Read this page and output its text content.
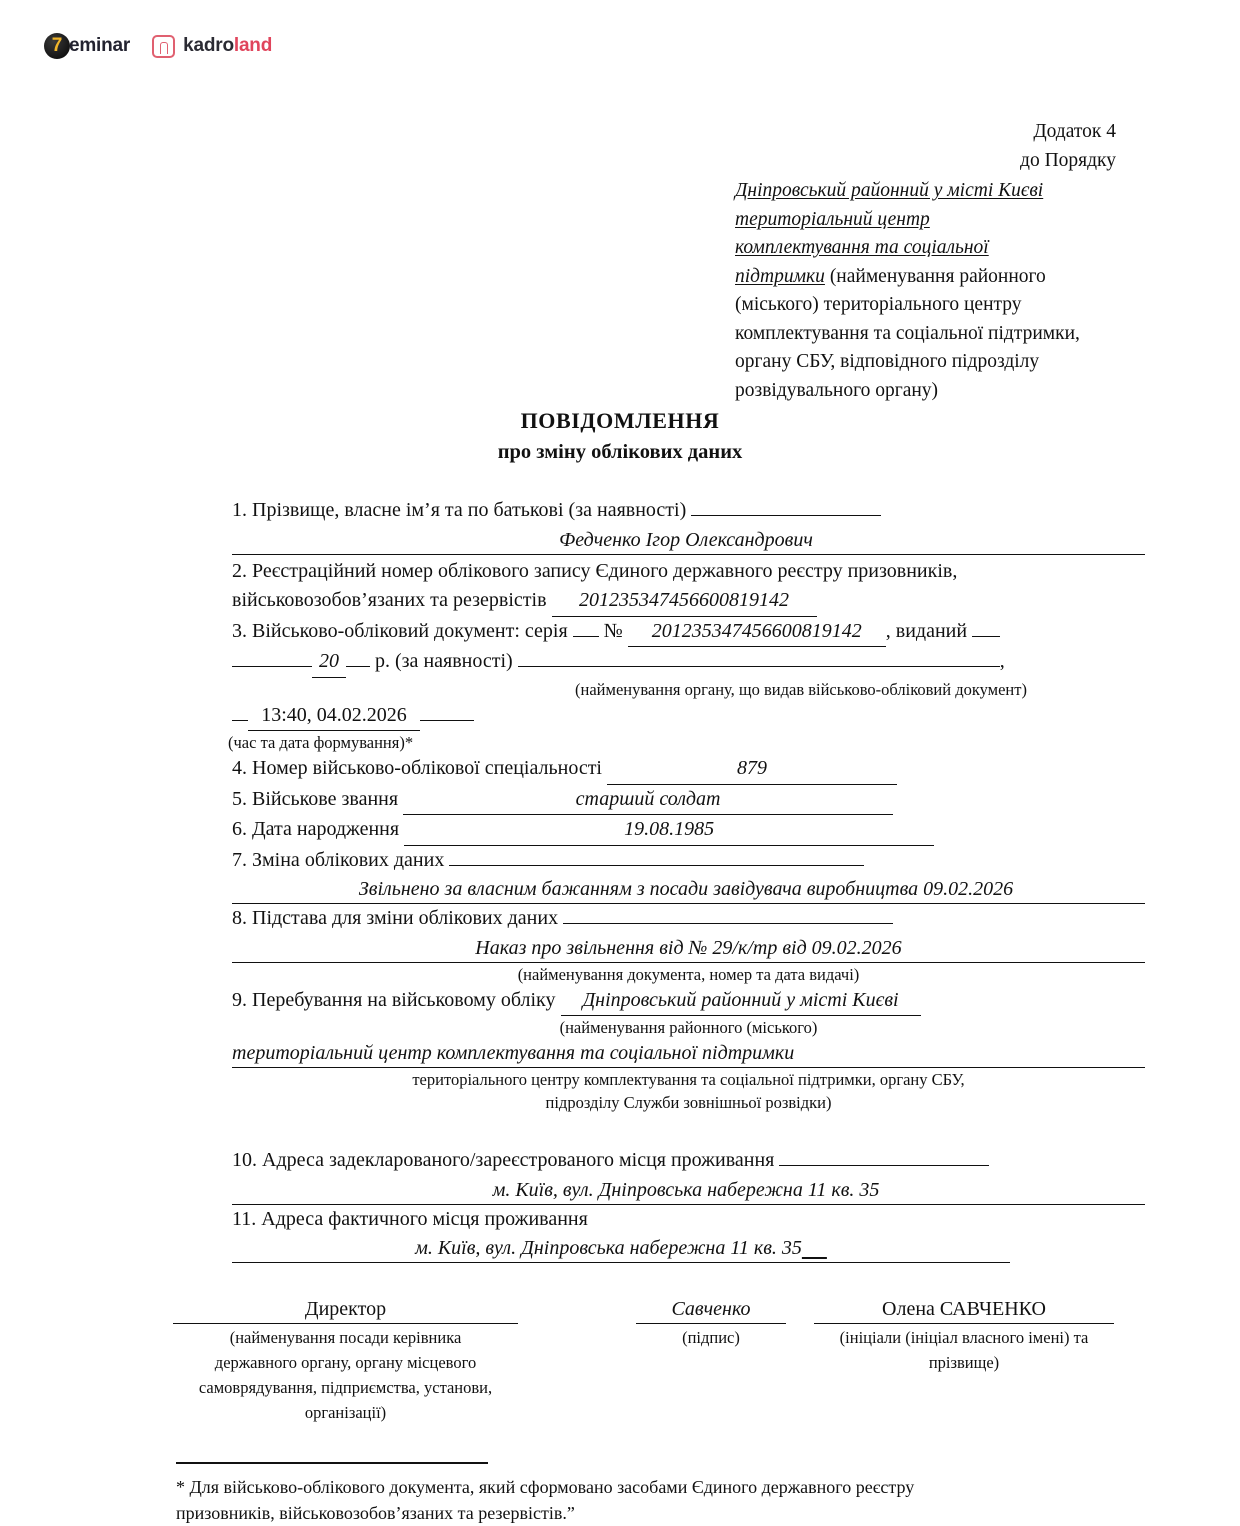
7 eminar	kadroland
Додаток 4
до Порядку
Дніпровський районний у місті Києві
територіальний центр
комплектування та соціальної
підтримки (найменування районного
(міського) територіального центру
комплектування та соціальної підтримки,
органу СБУ, відповідного підрозділу
розвідувального органу)
ПОВІДОМЛЕННЯ
про зміну облікових даних
1. Прізвище, власне ім’я та по батькові (за наявності)
Федченко Ігор Олександрович
2. Реєстраційний номер облікового запису Єдиного державного реєстру призовників,
військовозобов’язаних та резервістів 201235347456600819142
3. Військово-обліковий документ: серія № 201235347456600819142 , виданий
20 р. (за наявності)	,
(найменування органу, що видав військово-обліковий документ)
13:40, 04.02.2026
(час та дата формування)*
4. Номер військово-облікової спеціальності	879
5. Військове звання	старший солдат
6. Дата народження	19.08.1985
7. Зміна облікових даних
Звільнено за власним бажанням з посади завідувача виробництва 09.02.2026
8. Підстава для зміни облікових даних
Наказ про звільнення від № 29/к/тр від 09.02.2026
(найменування документа, номер та дата видачі)
9. Перебування на військовому обліку Дніпровський районний у місті Києві
(найменування районного (міського)
територіальний центр комплектування та соціальної підтримки
територіального центру комплектування та соціальної підтримки, органу СБУ,
підрозділу Служби зовнішньої розвідки)
10. Адреса задекларованого/зареєстрованого місця проживання
м. Київ, вул. Дніпровська набережна 11 кв. 35
11. Адреса фактичного місця проживання
м. Київ, вул. Дніпровська набережна 11 кв. 35
Директор
(найменування посади керівника
державного органу, органу місцевого
самоврядування, підприємства, установи,
організації)
Савченко
(підпис)
Олена САВЧЕНКО
(ініціали (ініціал власного імені) та
прізвище)
* Для військово-облікового документа, який сформовано засобами Єдиного державного реєстру
призовників, військовозобов’язаних та резервістів.”
